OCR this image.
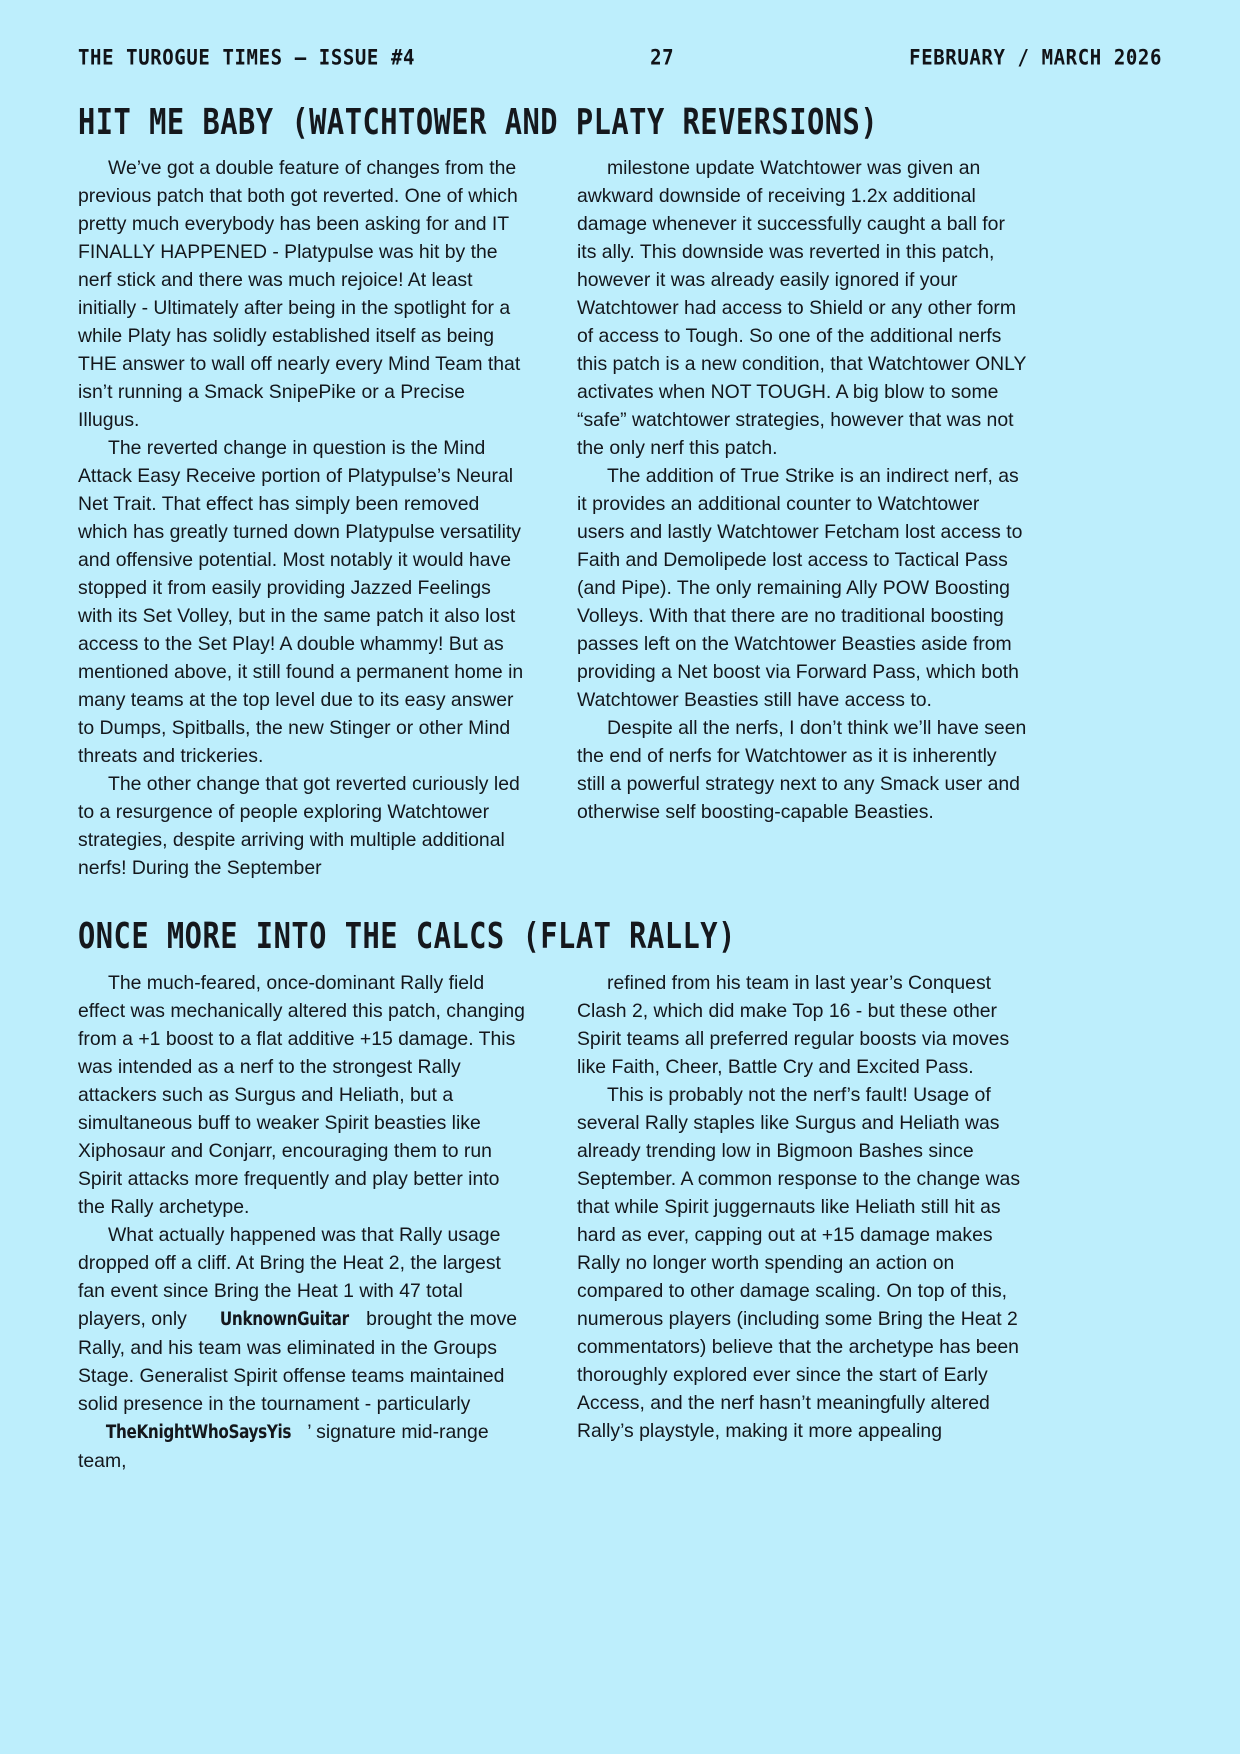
THE TUROGUE TIMES – ISSUE #4	27	FEBRUARY / MARCH 2026
HIT ME BABY (WATCHTOWER AND PLATY REVERSIONS)

We’ve got a double feature of changes from the previous patch that both got reverted. One of which pretty much everybody has been asking for and IT FINALLY HAPPENED - Platypulse was hit by the nerf stick and there was much rejoice! At least initially - Ultimately after being in the spotlight for a while Platy has solidly established itself as being THE answer to wall off nearly every Mind Team that isn’t running a Smack SnipePike or a Precise Illugus.

The reverted change in question is the Mind Attack Easy Receive portion of Platypulse’s Neural Net Trait. That effect has simply been removed which has greatly turned down Platypulse versatility and offensive potential. Most notably it would have stopped it from easily providing Jazzed Feelings with its Set Volley, but in the same patch it also lost access to the Set Play! A double whammy! But as mentioned above, it still found a permanent home in many teams at the top level due to its easy answer to Dumps, Spitballs, the new Stinger or other Mind threats and trickeries.

The other change that got reverted curiously led to a resurgence of people exploring Watchtower strategies, despite arriving with multiple additional nerfs! During the September

milestone update Watchtower was given an awkward downside of receiving 1.2x additional damage whenever it successfully caught a ball for its ally. This downside was reverted in this patch, however it was already easily ignored if your Watchtower had access to Shield or any other form of access to Tough. So one of the additional nerfs this patch is a new condition, that Watchtower ONLY activates when NOT TOUGH. A big blow to some “safe” watchtower strategies, however that was not the only nerf this patch.

The addition of True Strike is an indirect nerf, as it provides an additional counter to Watchtower users and lastly Watchtower Fetcham lost access to Faith and Demolipede lost access to Tactical Pass (and Pipe). The only remaining Ally POW Boosting Volleys. With that there are no traditional boosting passes left on the Watchtower Beasties aside from providing a Net boost via Forward Pass, which both Watchtower Beasties still have access to.

Despite all the nerfs, I don’t think we’ll have seen the end of nerfs for Watchtower as it is inherently still a powerful strategy next to any Smack user and otherwise self boosting-capable Beasties.

ONCE MORE INTO THE CALCS (FLAT RALLY)

The much-feared, once-dominant Rally field effect was mechanically altered this patch, changing from a +1 boost to a flat additive +15 damage. This was intended as a nerf to the strongest Rally attackers such as Surgus and Heliath, but a simultaneous buff to weaker Spirit beasties like Xiphosaur and Conjarr, encouraging them to run Spirit attacks more frequently and play better into the Rally archetype.

What actually happened was that Rally usage dropped off a cliff. At Bring the Heat 2, the largest fan event since Bring the Heat 1 with 47 total players, only UnknownGuitar brought the move Rally, and his team was eliminated in the Groups Stage. Generalist Spirit offense teams maintained solid presence in the tournament - particularly TheKnightWhoSaysYis ’ signature mid-range team,

refined from his team in last year’s Conquest Clash 2, which did make Top 16 - but these other Spirit teams all preferred regular boosts via moves like Faith, Cheer, Battle Cry and Excited Pass.

This is probably not the nerf’s fault! Usage of several Rally staples like Surgus and Heliath was already trending low in Bigmoon Bashes since September. A common response to the change was that while Spirit juggernauts like Heliath still hit as hard as ever, capping out at +15 damage makes Rally no longer worth spending an action on compared to other damage scaling. On top of this, numerous players (including some Bring the Heat 2 commentators) believe that the archetype has been thoroughly explored ever since the start of Early Access, and the nerf hasn’t meaningfully altered Rally’s playstyle, making it more appealing
